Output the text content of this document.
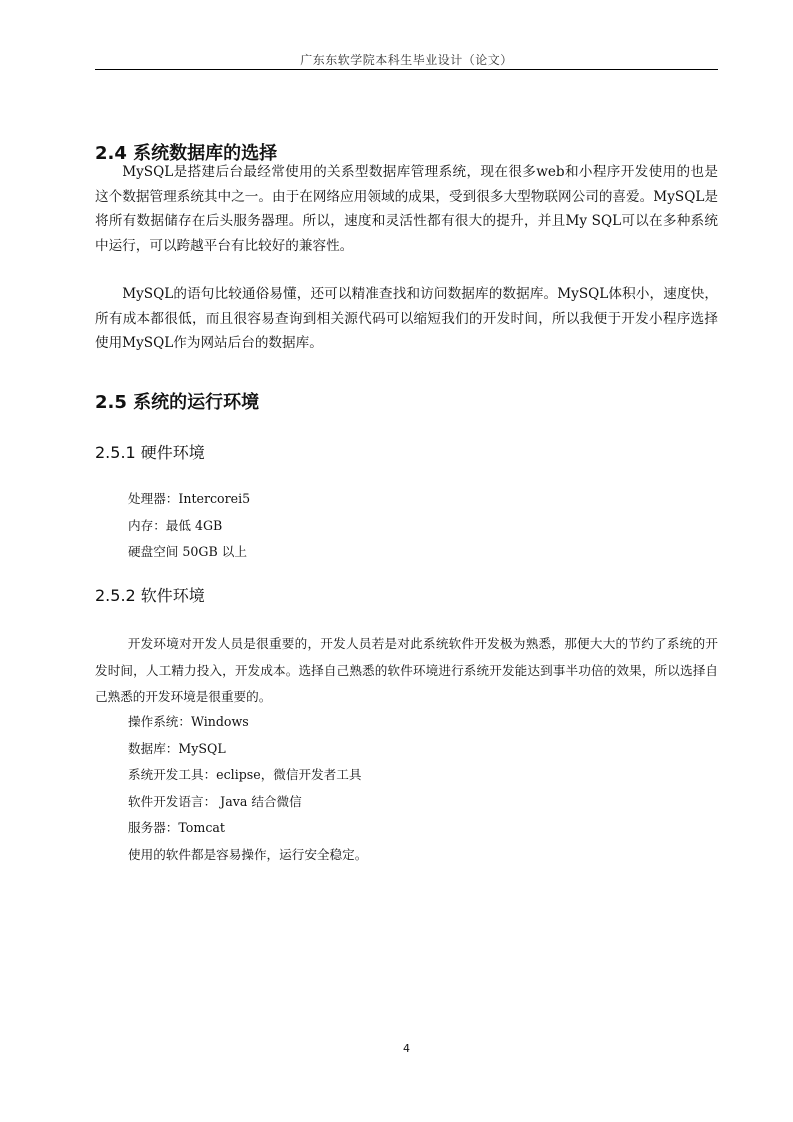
广东东软学院本科生毕业设计（论文）
2.4 系统数据库的选择

MySQL是搭建后台最经常使用的关系型数据库管理系统，现在很多web和小程序开发使用的也是这个数据管理系统其中之一。由于在网络应用领域的成果，受到很多大型物联网公司的喜爱。MySQL是将所有数据储存在后头服务器理。所以，速度和灵活性都有很大的提升，并且My SQL可以在多种系统中运行，可以跨越平台有比较好的兼容性。

MySQL的语句比较通俗易懂，还可以精准查找和访问数据库的数据库。MySQL体积小，速度快，所有成本都很低，而且很容易查询到相关源代码可以缩短我们的开发时间，所以我便于开发小程序选择使用MySQL作为网站后台的数据库。

2.5 系统的运行环境
2.5.1 硬件环境
处理器：Intercorei5
内存：最低 4GB
硬盘空间 50GB 以上
2.5.2 软件环境

开发环境对开发人员是很重要的，开发人员若是对此系统软件开发极为熟悉，那便大大的节约了系统的开发时间，人工精力投入，开发成本。选择自己熟悉的软件环境进行系统开发能达到事半功倍的效果，所以选择自己熟悉的开发环境是很重要的。

操作系统：Windows
数据库：MySQL
系统开发工具：eclipse，微信开发者工具
软件开发语言： Java 结合微信
服务器：Tomcat
使用的软件都是容易操作，运行安全稳定。
4
